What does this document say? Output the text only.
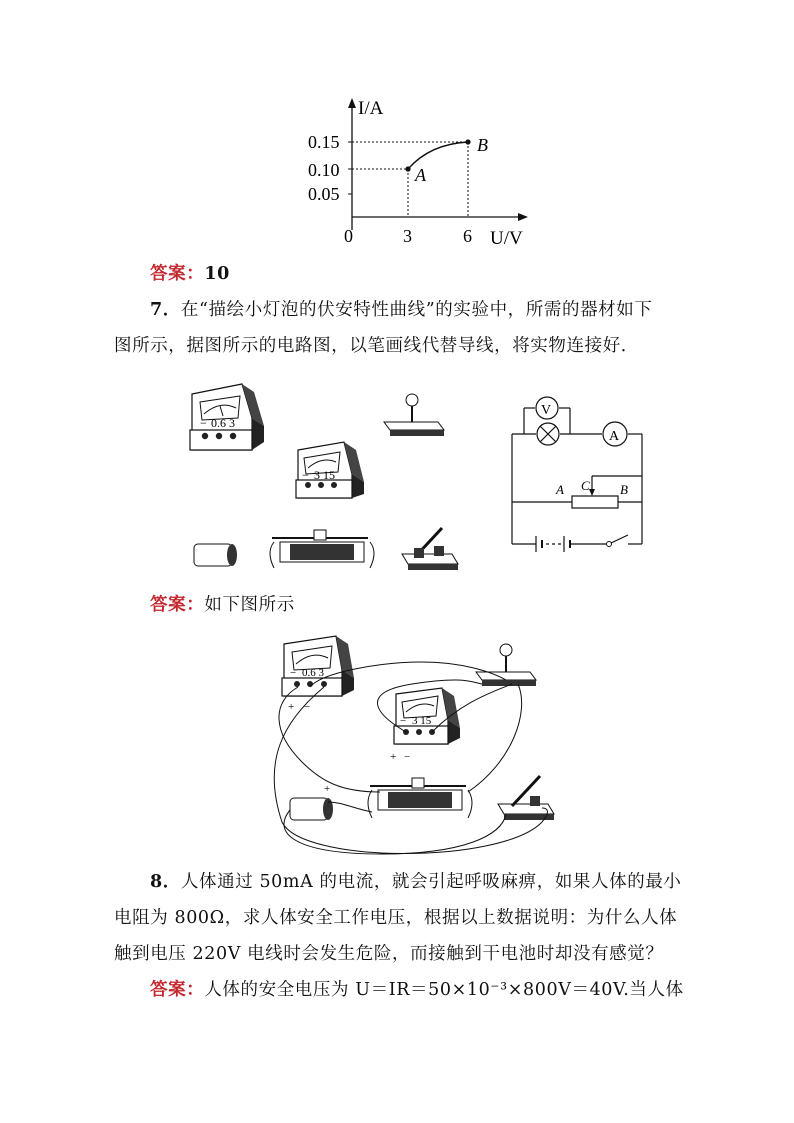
I/A
U/V
0.15
0.10
0.05
0	3	6
A
B
答案：10
7．在“描绘小灯泡的伏安特性曲线”的实验中，所需的器材如下
图所示，据图所示的电路图，以笔画线代替导线，将实物连接好．
− 0.6 3
− 3 15
V
A
A C B
答案：如下图所示
− 0.6 3
+ −
− 3 15
+ −
+
8．人体通过 50mA 的电流，就会引起呼吸麻痹，如果人体的最小
电阻为 800Ω，求人体安全工作电压，根据以上数据说明：为什么人体
触到电压 220V 电线时会发生危险，而接触到干电池时却没有感觉？
答案：人体的安全电压为 U＝IR＝50×10⁻³×800V＝40V.当人体
